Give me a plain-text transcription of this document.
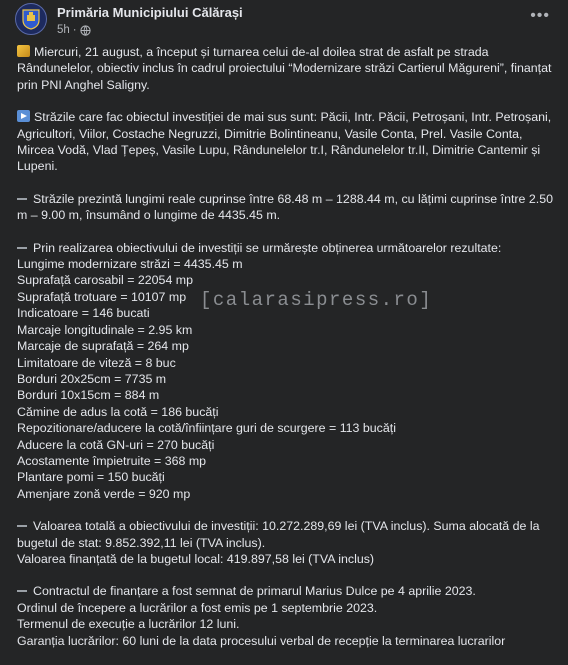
Primăria Municipiului Călărași
5h ·
•••

Miercuri, 21 august, a început și turnarea celui de-al doilea strat de asfalt pe strada Rândunelelor, obiectiv inclus în cadrul proiectului “Modernizare străzi Cartierul Măgureni”, finanțat prin PNI Anghel Saligny.

Străzile care fac obiectul investiției de mai sus sunt: Păcii, Intr. Păcii, Petroșani, Intr. Petroșani, Agricultori, Viilor, Costache Negruzzi, Dimitrie Bolintineanu, Vasile Conta, Prel. Vasile Conta, Mircea Vodă, Vlad Țepeș, Vasile Lupu, Rândunelelor tr.I, Rândunelelor tr.II, Dimitrie Cantemir și Lupeni.

Străzile prezintă lungimi reale cuprinse între 68.48 m – 1288.44 m, cu lățimi cuprinse între 2.50 m – 9.00 m, însumând o lungime de 4435.45 m.

Prin realizarea obiectivului de investiții se urmărește obținerea următoarelor rezultate:
Lungime modernizare străzi = 4435.45 m
Suprafață carosabil = 22054 mp
Suprafață trotuare = 10107 mp
Indicatoare = 146 bucati
Marcaje longitudinale = 2.95 km
Marcaje de suprafață = 264 mp
Limitatoare de viteză = 8 buc
Borduri 20x25cm = 7735 m
Borduri 10x15cm = 884 m
Cămine de adus la cotă = 186 bucăți
Repozitionare/aducere la cotă/înființare guri de scurgere = 113 bucăți
Aducere la cotă GN-uri = 270 bucăți
Acostamente împietruite = 368 mp
Plantare pomi = 150 bucăți
Amenjare zonă verde = 920 mp

Valoarea totală a obiectivului de investiții: 10.272.289,69 lei (TVA inclus). Suma alocată de la bugetul de stat: 9.852.392,11 lei (TVA inclus).
Valoarea finanțată de la bugetul local: 419.897,58 lei (TVA inclus)

Contractul de finanțare a fost semnat de primarul Marius Dulce pe 4 aprilie 2023.
Ordinul de începere a lucrărilor a fost emis pe 1 septembrie 2023.
Termenul de execuție a lucrărilor 12 luni.
Garanția lucrărilor: 60 luni de la data procesului verbal de recepție la terminarea lucrarilor

[calarasipress.ro]
